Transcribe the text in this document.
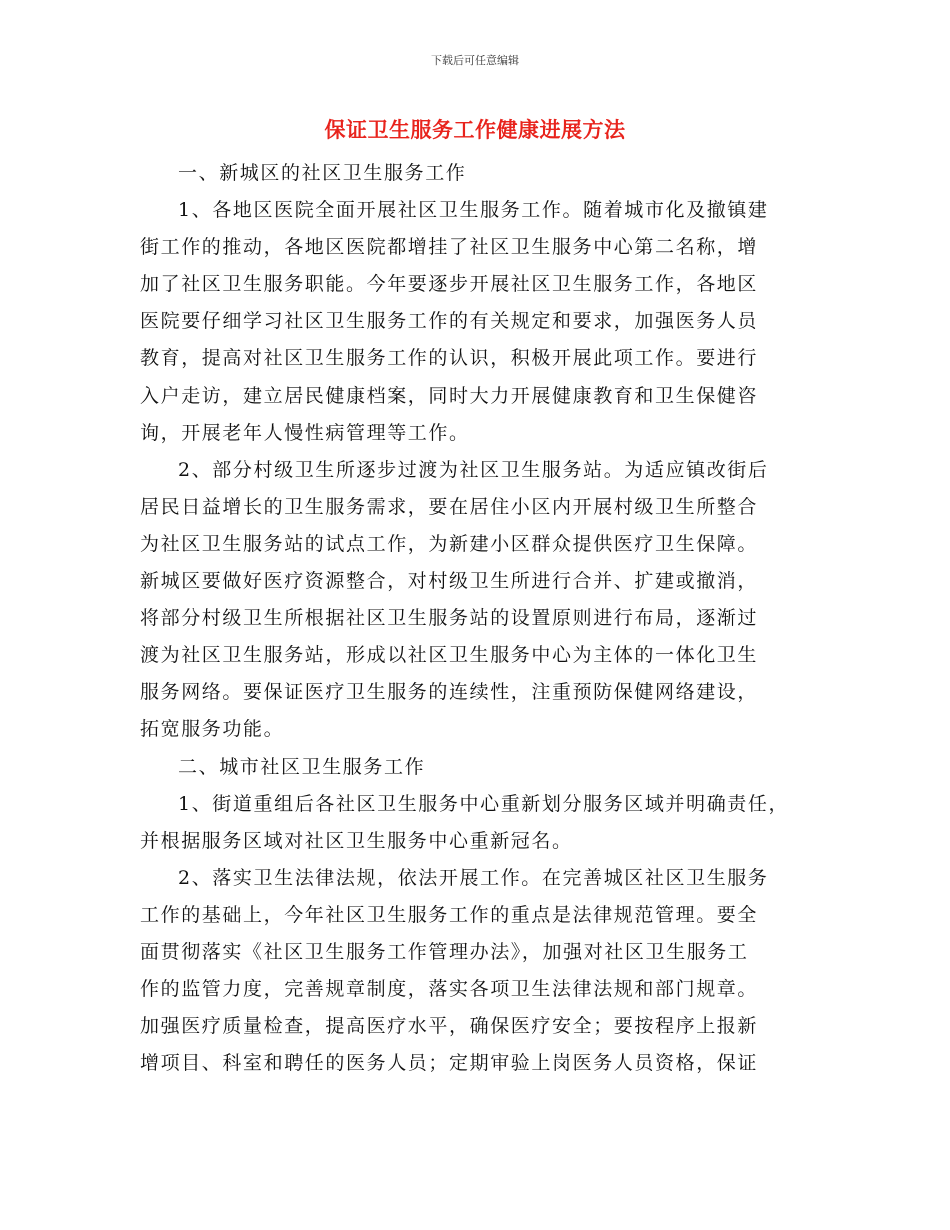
下载后可任意编辑
保证卫生服务工作健康进展方法
一、新城区的社区卫生服务工作
1、各地区医院全面开展社区卫生服务工作。随着城市化及撤镇建
街工作的推动，各地区医院都增挂了社区卫生服务中心第二名称，增
加了社区卫生服务职能。今年要逐步开展社区卫生服务工作，各地区
医院要仔细学习社区卫生服务工作的有关规定和要求，加强医务人员
教育，提高对社区卫生服务工作的认识，积极开展此项工作。要进行
入户走访，建立居民健康档案，同时大力开展健康教育和卫生保健咨
询，开展老年人慢性病管理等工作。
2、部分村级卫生所逐步过渡为社区卫生服务站。为适应镇改街后
居民日益增长的卫生服务需求，要在居住小区内开展村级卫生所整合
为社区卫生服务站的试点工作，为新建小区群众提供医疗卫生保障。
新城区要做好医疗资源整合，对村级卫生所进行合并、扩建或撤消，
将部分村级卫生所根据社区卫生服务站的设置原则进行布局，逐渐过
渡为社区卫生服务站，形成以社区卫生服务中心为主体的一体化卫生
服务网络。要保证医疗卫生服务的连续性，注重预防保健网络建设，
拓宽服务功能。
二、城市社区卫生服务工作
1、街道重组后各社区卫生服务中心重新划分服务区域并明确责任，
并根据服务区域对社区卫生服务中心重新冠名。
2、落实卫生法律法规，依法开展工作。在完善城区社区卫生服务
工作的基础上，今年社区卫生服务工作的重点是法律规范管理。要全
面贯彻落实《社区卫生服务工作管理办法》，加强对社区卫生服务工
作的监管力度，完善规章制度，落实各项卫生法律法规和部门规章。
加强医疗质量检查，提高医疗水平，确保医疗安全；要按程序上报新
增项目、科室和聘任的医务人员；定期审验上岗医务人员资格，保证
